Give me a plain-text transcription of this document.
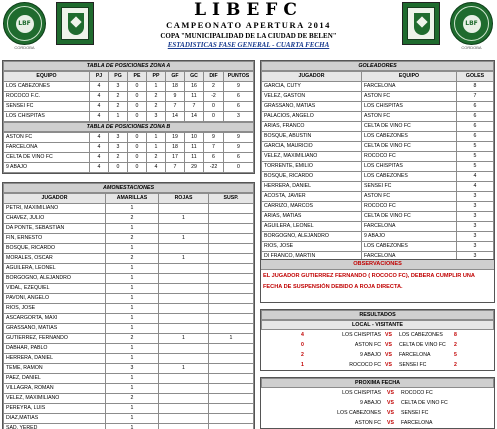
LBF
CORDOBA
LBF
CORDOBA
LIBEFC
CAMPEONATO APERTURA 2014
COPA "MUNICIPALIDAD DE LA CIUDAD DE BELEN"
ESTADISTICAS FASE GENERAL - CUARTA FECHA
TABLA DE POSICIONES ZONA A
EQUIPO	PJ	PG	PE	PP	GF	GC	DIF	PUNTOS
LOS CABEZONES	4	3	0	1	18	16	2	9
ROCOCO F.C.	4	2	0	2	9	11	-2	6
SENSEI FC	4	2	0	2	7	7	0	6
LOS CHISPITAS	4	1	0	3	14	14	0	3
TABLA DE POSICIONES ZONA B
ASTON FC	4	3	0	1	19	10	9	9
FARCELONA	4	3	0	1	18	11	7	9
CELTA DE VINO FC	4	2	0	2	17	11	6	6
9 ABAJO	4	0	0	4	7	29	-22	0
AMONESTACIONES
JUGADOR	AMARILLAS	ROJAS	SUSP.
PETRI, MAXIMILIANO	1		
CHAVEZ, JULIO	2	1	
DA PONTE, SEBASTIAN	1		
FIN, ERNESTO	2	1	
BOSQUE, RICARDO	1		
MORALES, OSCAR	2	1	
AGUILERA, LEONEL	1		
BORGOGNO, ALEJANDRO	1		
VIDAL, EZEQUIEL	1		
PAVONI, ANGELO	1		
RIOS, JOSE	1		
ASCARGORTA, MAXI	1		
GRASSANO, MATIAS	1		
GUTIERREZ, FERNANDO	2	1	1
DABHAR, PABLO	1		
HERRERA, DANIEL	1		
TEME, RAMON	3	1	
PAEZ, DANIEL	1		
VILLAGRA, ROMAN	1		
VELEZ, MAXIMILIANO	2		
PEREYRA, LUIS	1		
DIAZ,MATIAS	1		
SAD, YERED	1		
GOLEADORES
JUGADOR	EQUIPO	GOLES
GARCIA, CUTY	FARCELONA	8
VELEZ, GASTON	ASTON FC	7
GRASSANO, MATIAS	LOS CHISPITAS	6
PALACIOS, ANGELO	ASTON FC	6
ARIAS, FRANCO	CELTA DE VINO FC	6
BOSQUE, ABUSTIN	LOS CABEZONES	6
GARCIA, MAURICIO	CELTA DE VINO FC	5
VELEZ, MAXIMILIANO	ROCOCO FC	5
TORRENTE, EMILIO	LOS CHISPITAS	5
BOSQUE, RICARDO	LOS CABEZONES	4
HERRERA, DANIEL	SENSEI FC	4
ACOSTA, JAVIER	ASTON FC	3
CARRIZO, MARCOS	ROCOCO FC	3
ARIAS, MATIAS	CELTA DE VINO FC	3
AGUILERA, LEONEL	FARCELONA	3
BORGOGNO, ALEJANDRO	9 ABAJO	3
RIOS, JOSE	LOS CABEZONES	3
DI FRANCO, MARTIN	FARCELONA	3
OBSERVACIONES
EL JUGADOR GUTIERREZ FERNANDO ( ROCOCO FC), DEBERA CUMPLIR UNA FECHA DE SUSPENSIÓN DEBIDO A ROJA DIRECTA.
RESULTADOS
LOCAL - VISITANTE
4	LOS CHISPITAS VS LOS CABEZONES 8
0	ASTON FC VS CELTA DE VINO FC 2
2	9 ABAJO VS FARCELONA	5
1	ROCOCO FC VS SENSEI FC	2
PROXIMA FECHA
LOS CHISPITAS VS ROCOCO FC
9 ABAJO VS CELTA DE VINO FC
LOS CABEZONES VS SENSEI FC
ASTON FC VS FARCELONA
